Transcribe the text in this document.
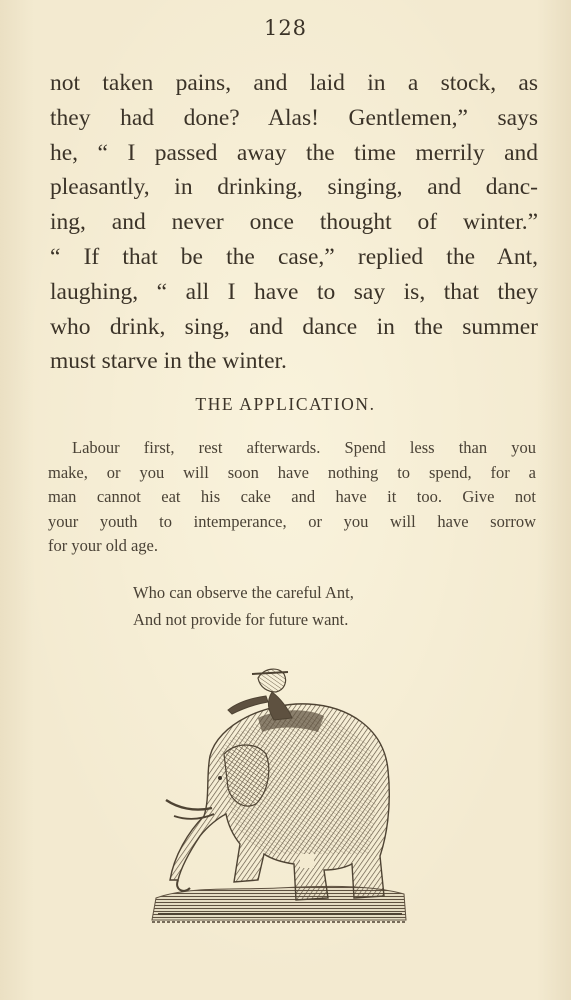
128
not taken pains, and laid in a stock, as
they had done? Alas! Gentlemen,” says
he, “ I passed away the time merrily and
pleasantly, in drinking, singing, and danc-
ing, and never once thought of winter.”
“ If that be the case,” replied the Ant,
laughing, “ all I have to say is, that they
who drink, sing, and dance in the summer
must starve in the winter.
THE APPLICATION.
Labour first, rest afterwards. Spend less than you
make, or you will soon have nothing to spend, for a
man cannot eat his cake and have it too. Give not
your youth to intemperance, or you will have sorrow
for your old age.
Who can observe the careful Ant,
And not provide for future want.
